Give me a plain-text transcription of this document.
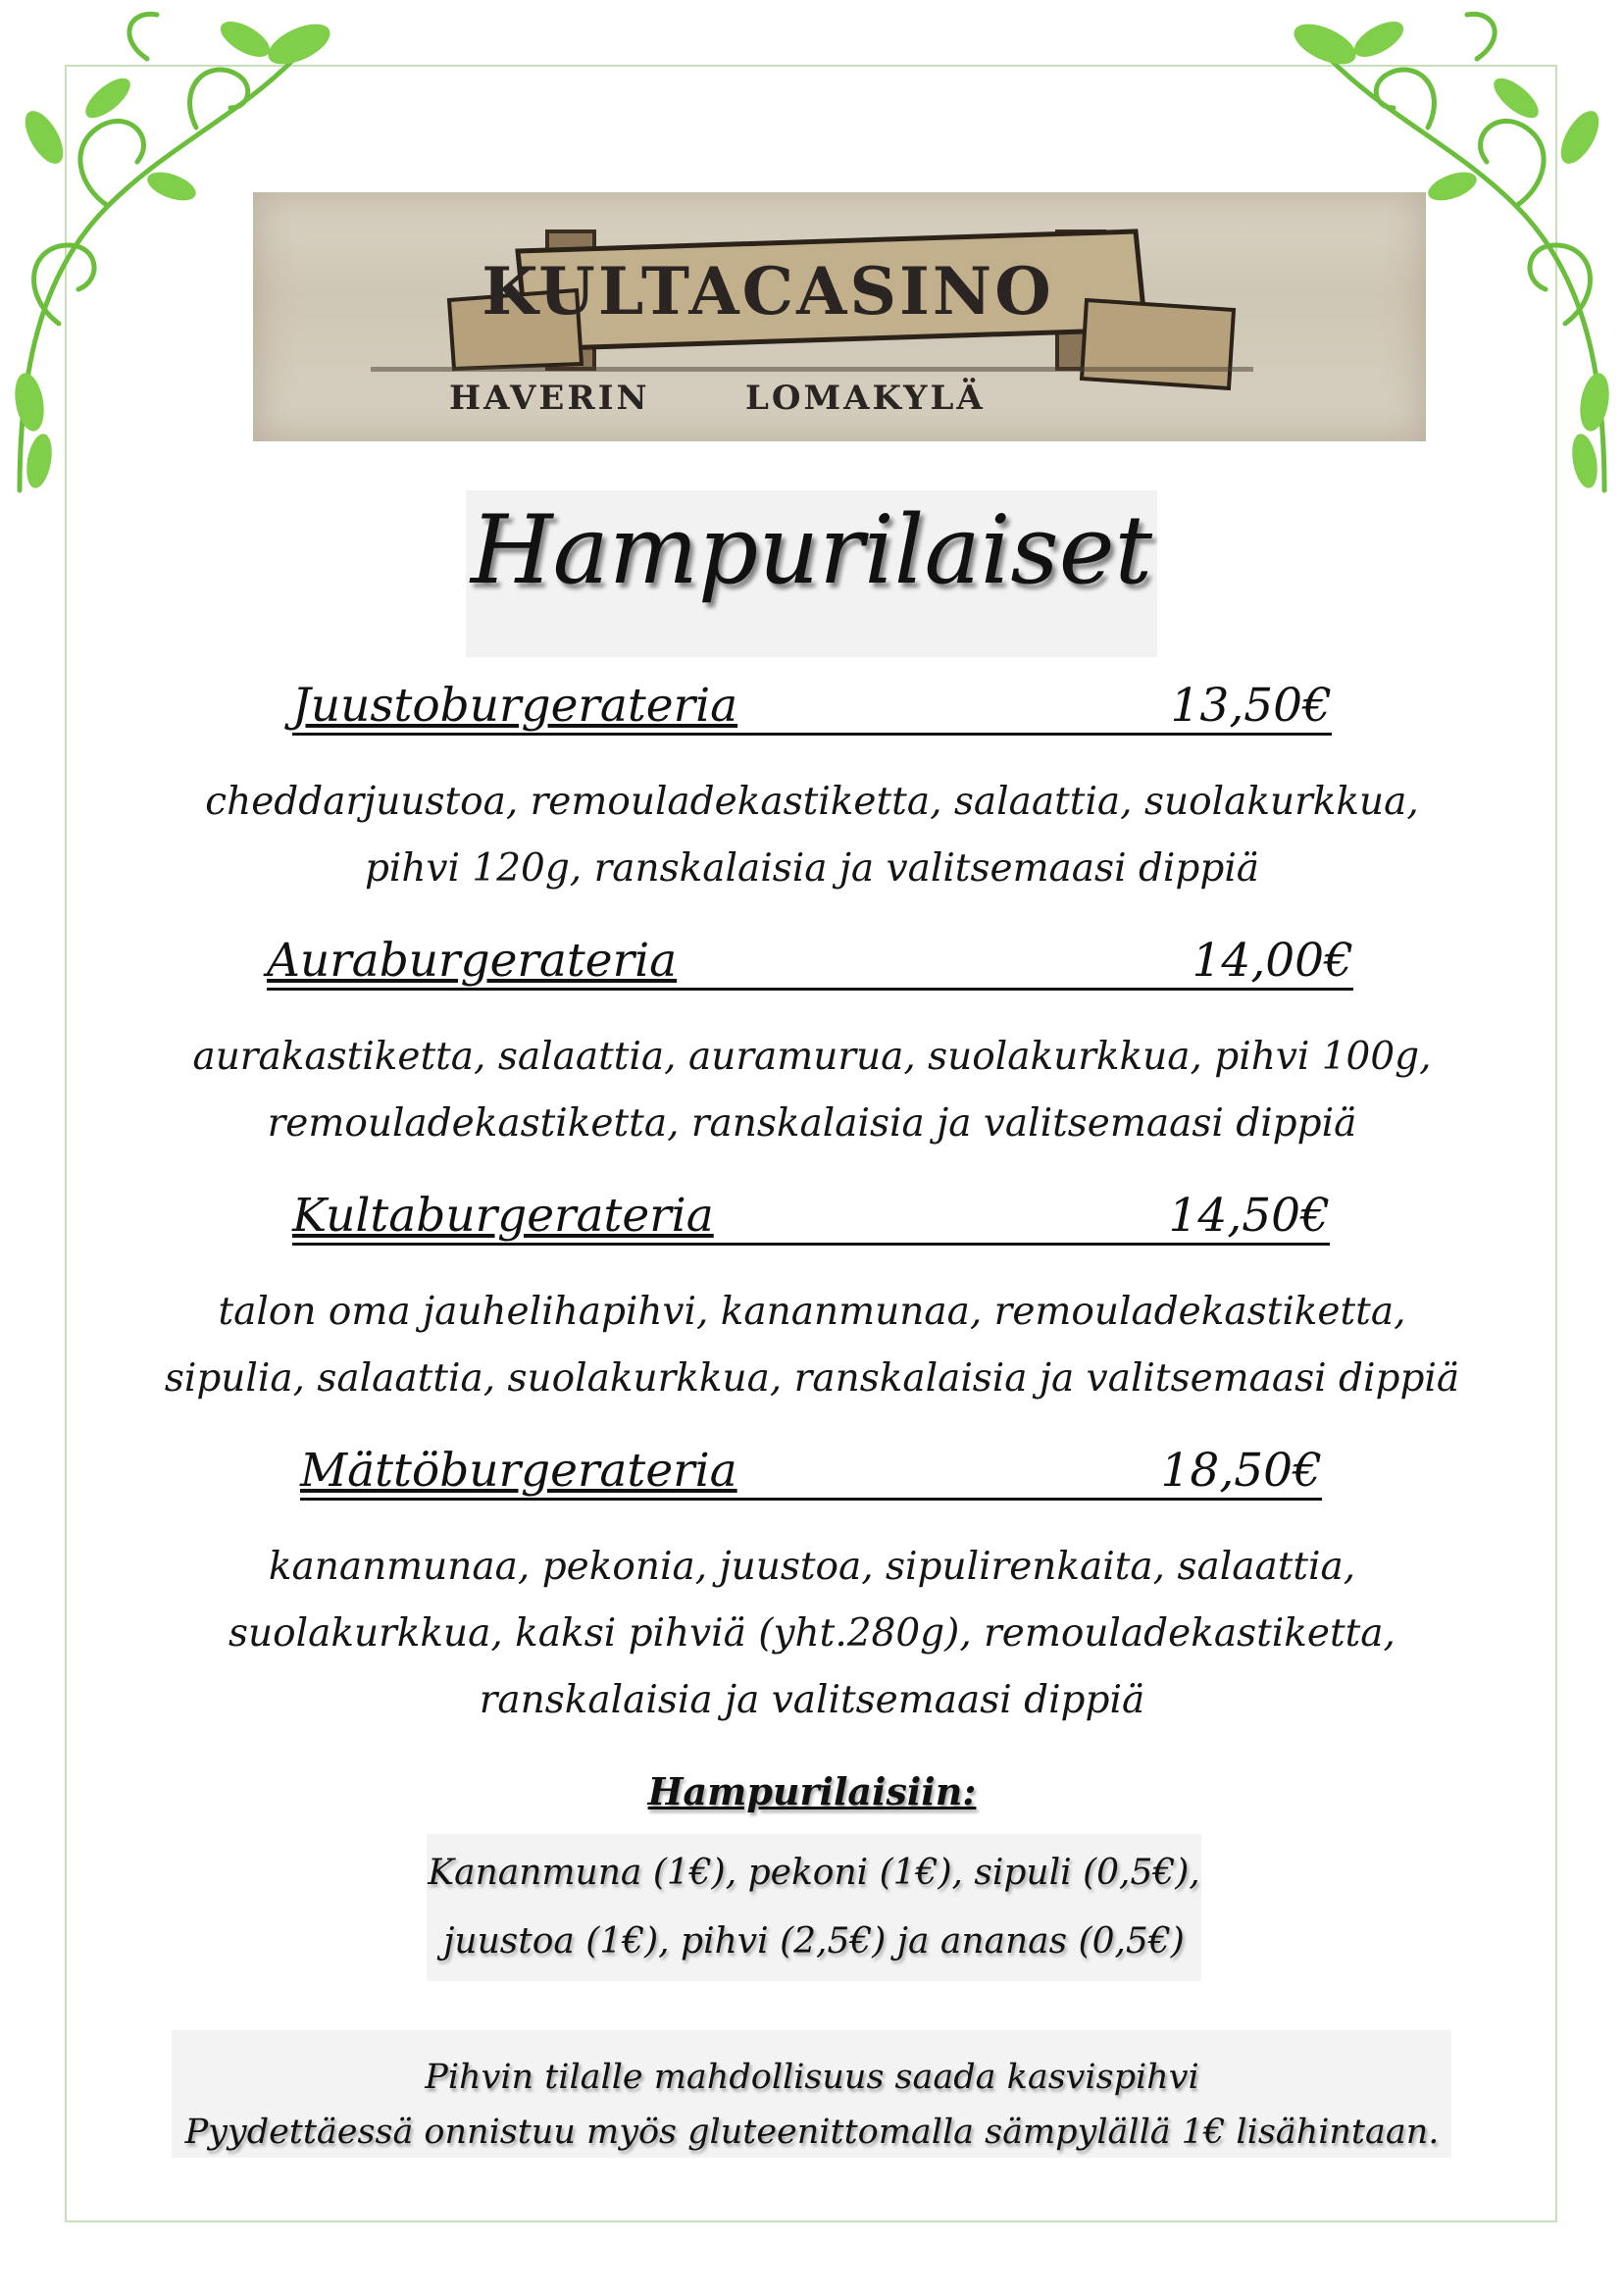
KULTACASINO
HAVERIN	LOMAKYLÄ
Hampurilaiset
Juustoburgerateria	13,50€
cheddarjuustoa, remouladekastiketta, salaattia, suolakurkkua,
pihvi 120g, ranskalaisia ja valitsemaasi dippiä
Auraburgerateria	14,00€
aurakastiketta, salaattia, auramurua, suolakurkkua, pihvi 100g,
remouladekastiketta, ranskalaisia ja valitsemaasi dippiä
Kultaburgerateria	14,50€
talon oma jauhelihapihvi, kananmunaa, remouladekastiketta,
sipulia, salaattia, suolakurkkua, ranskalaisia ja valitsemaasi dippiä
Mättöburgerateria	18,50€
kananmunaa, pekonia, juustoa, sipulirenkaita, salaattia,
suolakurkkua, kaksi pihviä (yht.280g), remouladekastiketta,
ranskalaisia ja valitsemaasi dippiä
Hampurilaisiin:
Kananmuna (1€), pekoni (1€), sipuli (0,5€),
juustoa (1€), pihvi (2,5€) ja ananas (0,5€)
Pihvin tilalle mahdollisuus saada kasvispihvi
Pyydettäessä onnistuu myös gluteenittomalla sämpylällä 1€ lisähintaan.
